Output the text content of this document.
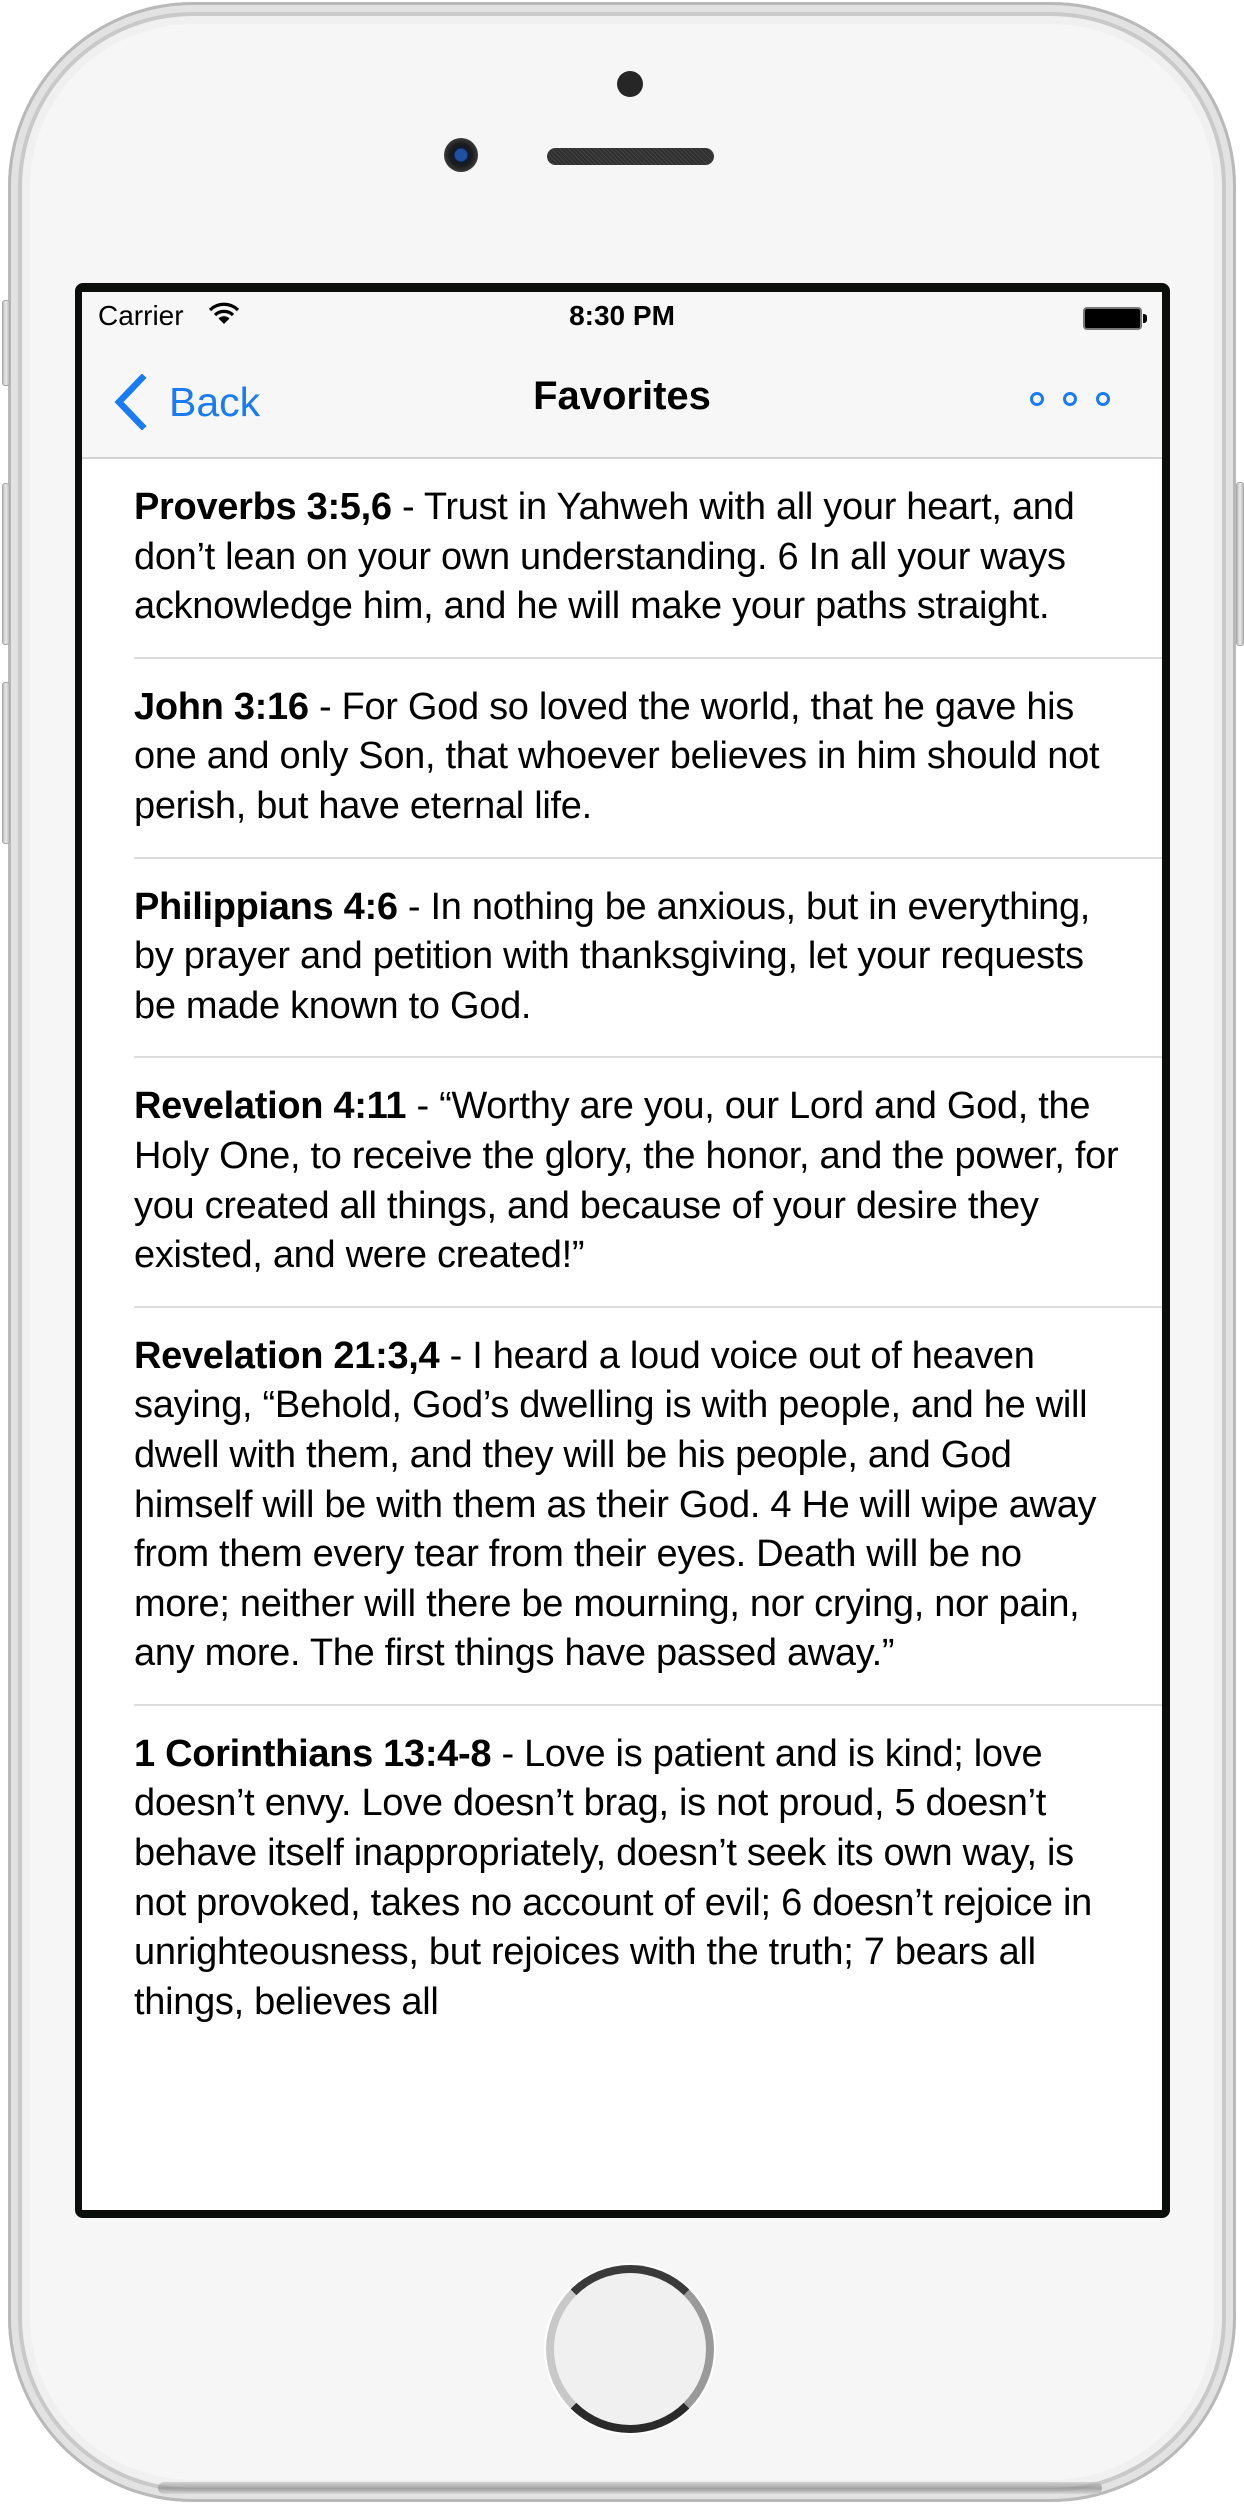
Carrier	8:30 PM
Back	Favorites
Proverbs 3:5,6 - Trust in Yahweh with all your heart, and don’t lean on your own understanding. 6 In all your ways acknowledge him, and he will make your paths straight.
John 3:16 - For God so loved the world, that he gave his one and only Son, that whoever believes in him should not perish, but have eternal life.
Philippians 4:6 - In nothing be anxious, but in everything, by prayer and petition with thanksgiving, let your requests be made known to God.
Revelation 4:11 - “Worthy are you, our Lord and God, the Holy One, to receive the glory, the honor, and the power, for you created all things, and because of your desire they existed, and were created!”
Revelation 21:3,4 - I heard a loud voice out of heaven saying, “Behold, God’s dwelling is with people, and he will dwell with them, and they will be his people, and God himself will be with them as their God. 4 He will wipe away from them every tear from their eyes. Death will be no more; neither will there be mourning, nor crying, nor pain, any more. The first things have passed away.”
1 Corinthians 13:4-8 - Love is patient and is kind; love doesn’t envy. Love doesn’t brag, is not proud, 5 doesn’t behave itself inappropriately, doesn’t seek its own way, is not provoked, takes no account of evil; 6 doesn’t rejoice in unrighteousness, but rejoices with the truth; 7 bears all things, believes all
